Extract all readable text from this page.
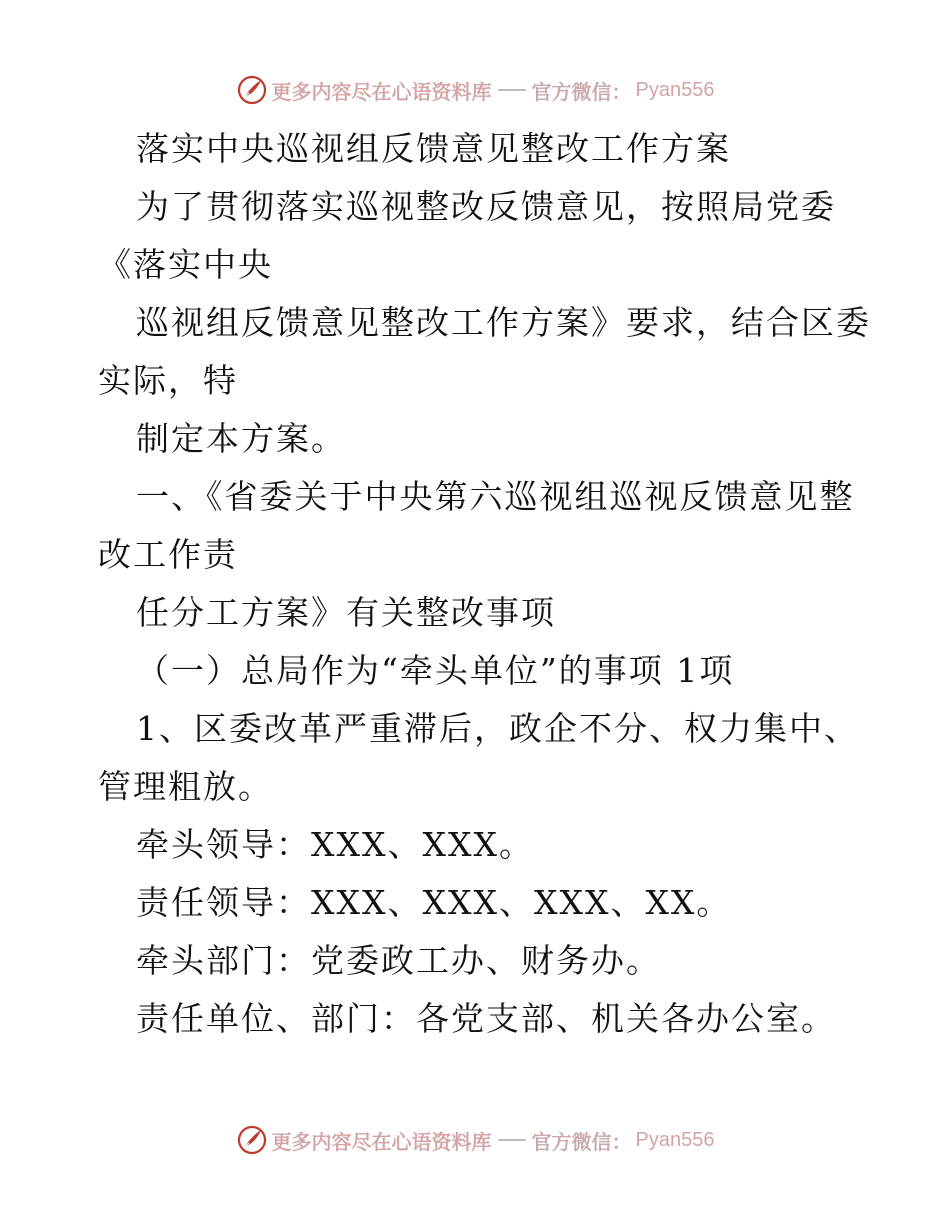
更多内容尽在心语资料库 官方微信： Pyan556
落实中央巡视组反馈意见整改工作方案
为了贯彻落实巡视整改反馈意见，按照局党委
《落实中央
巡视组反馈意见整改工作方案》要求，结合区委
实际，特
制定本方案。
一、《省委关于中央第六巡视组巡视反馈意见整
改工作责
任分工方案》有关整改事项
（一）总局作为“牵头单位”的事项 1项
1、区委改革严重滞后，政企不分、权力集中、
管理粗放。
牵头领导：XXX、XXX。
责任领导：XXX、XXX、XXX、XX。
牵头部门：党委政工办、财务办。
责任单位、部门：各党支部、机关各办公室。
更多内容尽在心语资料库 官方微信： Pyan556
